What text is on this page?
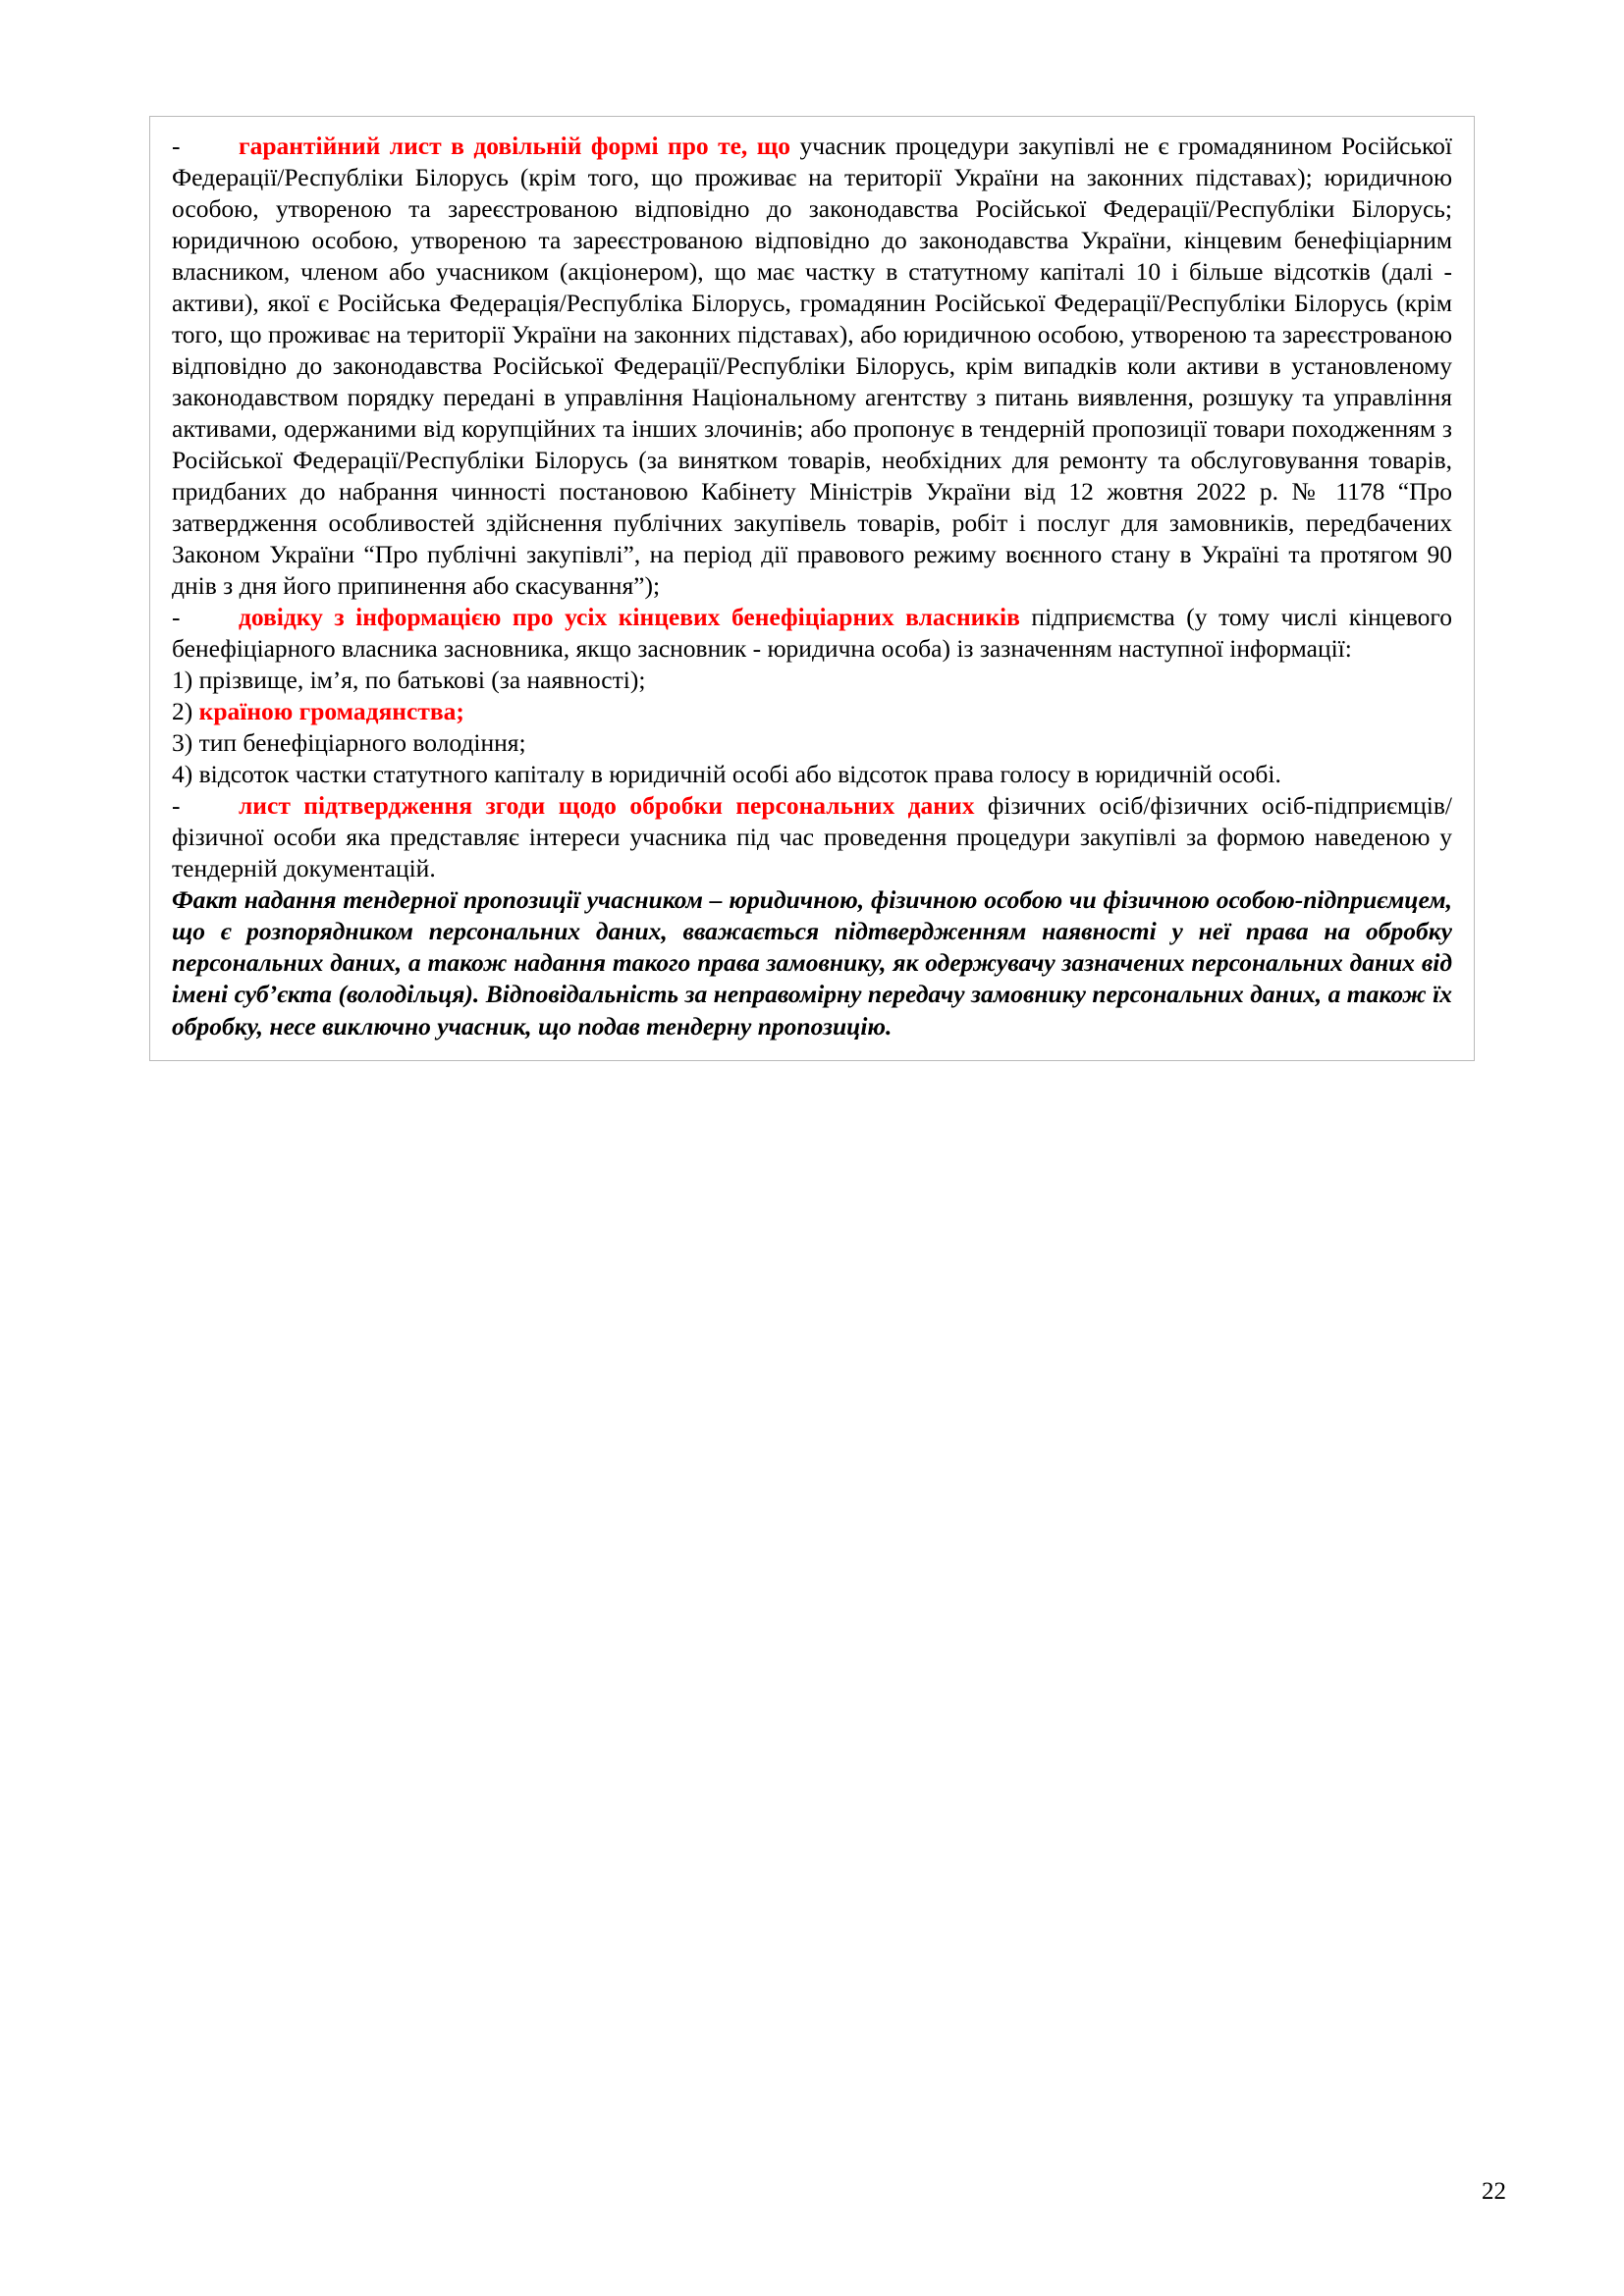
- гарантійний лист в довільній формі про те, що учасник процедури закупівлі не є громадянином Російської Федерації/Республіки Білорусь (крім того, що проживає на території України на законних підставах); юридичною особою, утвореною та зареєстрованою відповідно до законодавства Російської Федерації/Республіки Білорусь; юридичною особою, утвореною та зареєстрованою відповідно до законодавства України, кінцевим бенефіціарним власником, членом або учасником (акціонером), що має частку в статутному капіталі 10 і більше відсотків (далі - активи), якої є Російська Федерація/Республіка Білорусь, громадянин Російської Федерації/Республіки Білорусь (крім того, що проживає на території України на законних підставах), або юридичною особою, утвореною та зареєстрованою відповідно до законодавства Російської Федерації/Республіки Білорусь, крім випадків коли активи в установленому законодавством порядку передані в управління Національному агентству з питань виявлення, розшуку та управління активами, одержаними від корупційних та інших злочинів; або пропонує в тендерній пропозиції товари походженням з Російської Федерації/Республіки Білорусь (за винятком товарів, необхідних для ремонту та обслуговування товарів, придбаних до набрання чинності постановою Кабінету Міністрів України від 12 жовтня 2022 р. № 1178 “Про затвердження особливостей здійснення публічних закупівель товарів, робіт і послуг для замовників, передбачених Законом України “Про публічні закупівлі”, на період дії правового режиму воєнного стану в Україні та протягом 90 днів з дня його припинення або скасування”);

- довідку з інформацією про усіх кінцевих бенефіціарних власників підприємства (у тому числі кінцевого бенефіціарного власника засновника, якщо засновник - юридична особа) із зазначенням наступної інформації:

1) прізвище, ім’я, по батькові (за наявності);

2) країною громадянства;

3) тип бенефіціарного володіння;

4) відсоток частки статутного капіталу в юридичній особі або відсоток права голосу в юридичній особі.

- лист підтвердження згоди щодо обробки персональних даних фізичних осіб/фізичних осіб-підприємців/фізичної особи яка представляє інтереси учасника під час проведення процедури закупівлі за формою наведеною у тендерній документацій.

Факт надання тендерної пропозиції учасником – юридичною, фізичною особою чи фізичною особою-підприємцем, що є розпорядником персональних даних, вважається підтвердженням наявності у неї права на обробку персональних даних, а також надання такого права замовнику, як одержувачу зазначених персональних даних від імені суб’єкта (володільця). Відповідальність за неправомірну передачу замовнику персональних даних, а також їх обробку, несе виключно учасник, що подав тендерну пропозицію.

22
